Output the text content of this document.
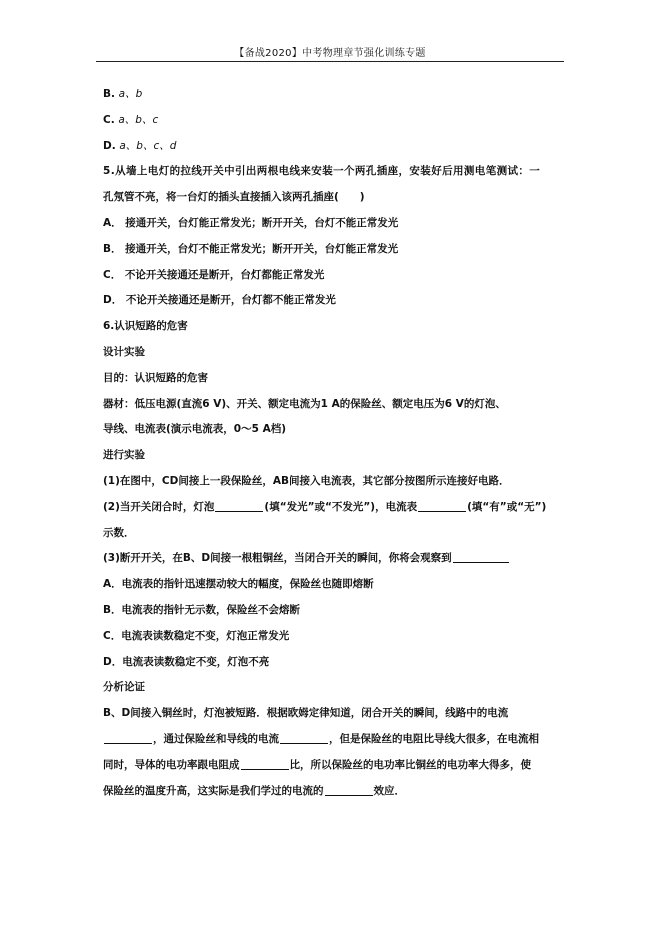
【备战2020】中考物理章节强化训练专题
B. a、b
C. a、b、c
D. a、b、c、d
5.从墙上电灯的拉线开关中引出两根电线来安装一个两孔插座，安装好后用测电笔测试：一
孔氖管不亮，将一台灯的插头直接插入该两孔插座(　　)
A． 接通开关，台灯能正常发光；断开开关，台灯不能正常发光
B． 接通开关，台灯不能正常发光；断开开关，台灯能正常发光
C． 不论开关接通还是断开，台灯都能正常发光
D． 不论开关接通还是断开，台灯都不能正常发光
6.认识短路的危害
设计实验
目的：认识短路的危害
器材：低压电源(直流6 V)、开关、额定电流为1 A的保险丝、额定电压为6 V的灯泡、
导线、电流表(演示电流表，0～5 A档)
进行实验
(1)在图中，CD间接上一段保险丝，AB间接入电流表，其它部分按图所示连接好电路．
(2)当开关闭合时，灯泡	(填“发光”或“不发光”)，电流表	(填“有”或“无”)
示数．
(3)断开开关，在B、D间接一根粗铜丝，当闭合开关的瞬间，你将会观察到
A．电流表的指针迅速摆动较大的幅度，保险丝也随即熔断
B．电流表的指针无示数，保险丝不会熔断
C．电流表读数稳定不变，灯泡正常发光
D．电流表读数稳定不变，灯泡不亮
分析论证
B、D间接入铜丝时，灯泡被短路．根据欧姆定律知道，闭合开关的瞬间，线路中的电流
，通过保险丝和导线的电流	，但是保险丝的电阻比导线大很多，在电流相
同时，导体的电功率跟电阻成	比，所以保险丝的电功率比铜丝的电功率大得多，使
保险丝的温度升高，这实际是我们学过的电流的	效应．
